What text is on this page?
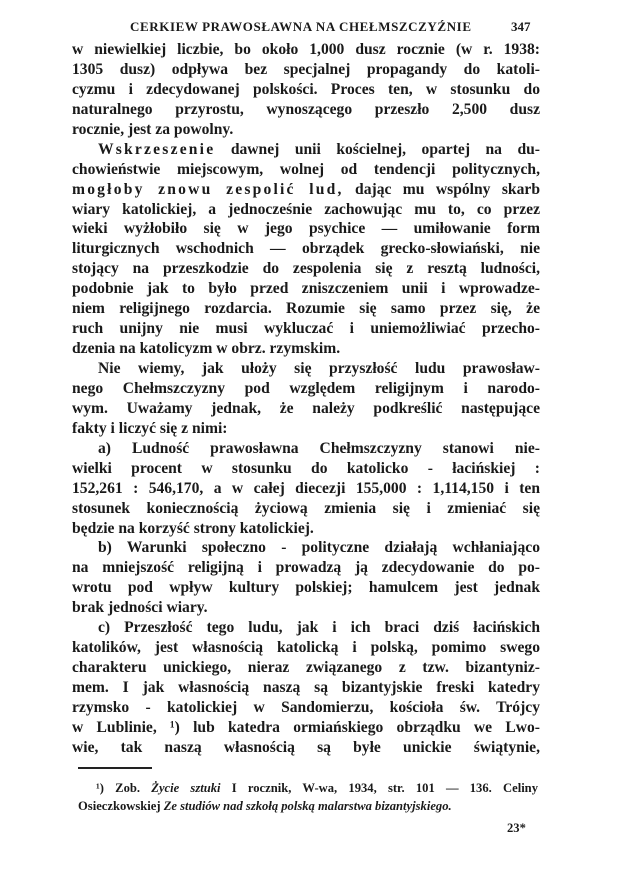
CERKIEW PRAWOSŁAWNA NA CHEŁMSZCZYŹNIE	347
w niewielkiej liczbie, bo około 1,000 dusz rocznie (w r. 1938:
1305 dusz) odpływa bez specjalnej propagandy do katoli-
cyzmu i zdecydowanej polskości. Proces ten, w stosunku do
naturalnego przyrostu, wynoszącego przeszło 2,500 dusz
rocznie, jest za powolny.
Wskrzeszenie dawnej unii kościelnej, opartej na du-
chowieństwie miejscowym, wolnej od tendencji politycznych,
mogłoby znowu zespolić lud, dając mu wspólny skarb
wiary katolickiej, a jednocześnie zachowując mu to, co przez
wieki wyżłobiło się w jego psychice — umiłowanie form
liturgicznych wschodnich — obrządek grecko-słowiański, nie
stojący na przeszkodzie do zespolenia się z resztą ludności,
podobnie jak to było przed zniszczeniem unii i wprowadze-
niem religijnego rozdarcia. Rozumie się samo przez się, że
ruch unijny nie musi wykluczać i uniemożliwiać przecho-
dzenia na katolicyzm w obrz. rzymskim.
Nie wiemy, jak ułoży się przyszłość ludu prawosław-
nego Chełmszczyzny pod względem religijnym i narodo-
wym. Uważamy jednak, że należy podkreślić następujące
fakty i liczyć się z nimi:
a) Ludność prawosławna Chełmszczyzny stanowi nie-
wielki procent w stosunku do katolicko - łacińskiej :
152,261 : 546,170, a w całej diecezji 155,000 : 1,114,150 i ten
stosunek koniecznością życiową zmienia się i zmieniać się
będzie na korzyść strony katolickiej.
b) Warunki społeczno - polityczne działają wchłaniająco
na mniejszość religijną i prowadzą ją zdecydowanie do po-
wrotu pod wpływ kultury polskiej; hamulcem jest jednak
brak jedności wiary.
c) Przeszłość tego ludu, jak i ich braci dziś łacińskich
katolików, jest własnością katolicką i polską, pomimo swego
charakteru unickiego, nieraz związanego z tzw. bizantyniz-
mem. I jak własnością naszą są bizantyjskie freski katedry
rzymsko - katolickiej w Sandomierzu, kościoła św. Trójcy
w Lublinie, ¹) lub katedra ormiańskiego obrządku we Lwo-
wie, tak naszą własnością są byłe unickie świątynie,
¹) Zob. Życie sztuki I rocznik, W-wa, 1934, str. 101 — 136. Celiny
Osieczkowskiej Ze studiów nad szkołą polską malarstwa bizantyjskiego.
23*
